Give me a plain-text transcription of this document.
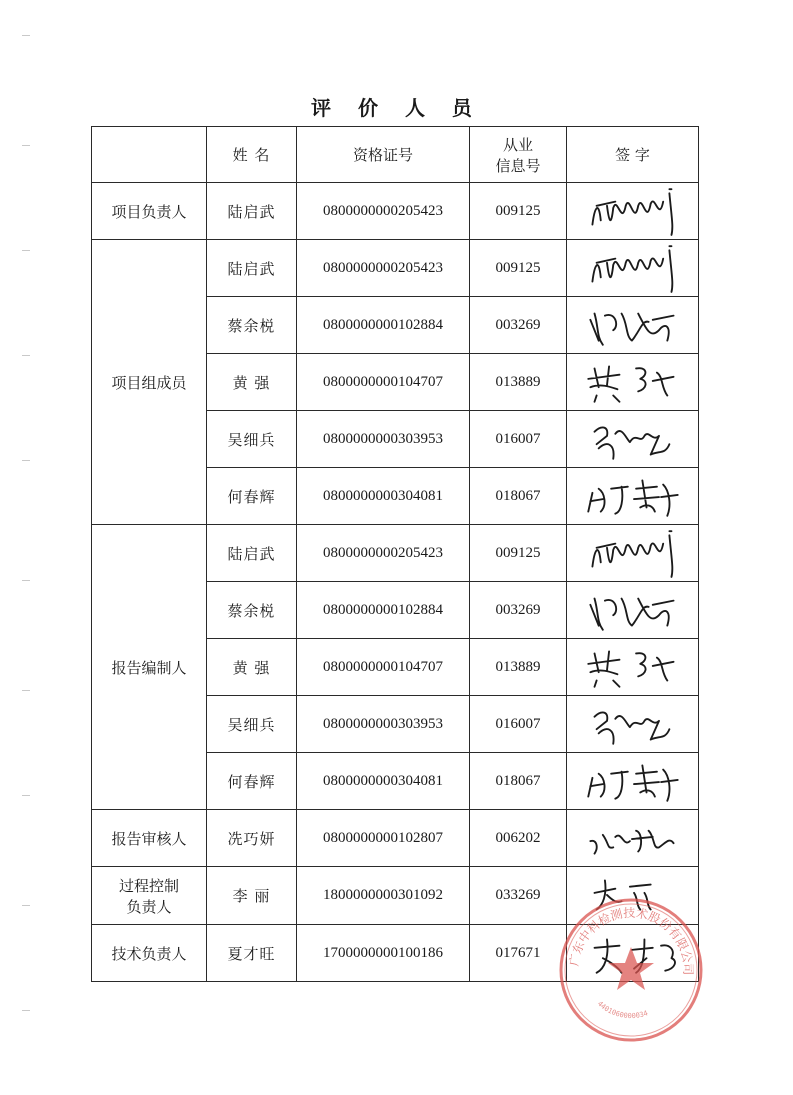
评 价 人 员
	姓 名	资格证号	从业
信息号	签 字
项目负责人	陆启武	0800000000205423	009125	

项目组成员	陆启武	0800000000205423	009125	

	蔡余棁	0800000000102884	003269	

	黄 强	0800000000104707	013889	

	吴细兵	0800000000303953	016007	

	何春辉	0800000000304081	018067	

报告编制人	陆启武	0800000000205423	009125	

	蔡余棁	0800000000102884	003269	

	黄 强	0800000000104707	013889	

	吴细兵	0800000000303953	016007	

	何春辉	0800000000304081	018067	

报告审核人	冼巧妍	0800000000102807	006202	

过程控制
负责人	李 丽	1800000000301092	033269	

技术负责人	夏才旺	1700000000100186	017671	广东中科检测技术股份有限公司
4401060000034
